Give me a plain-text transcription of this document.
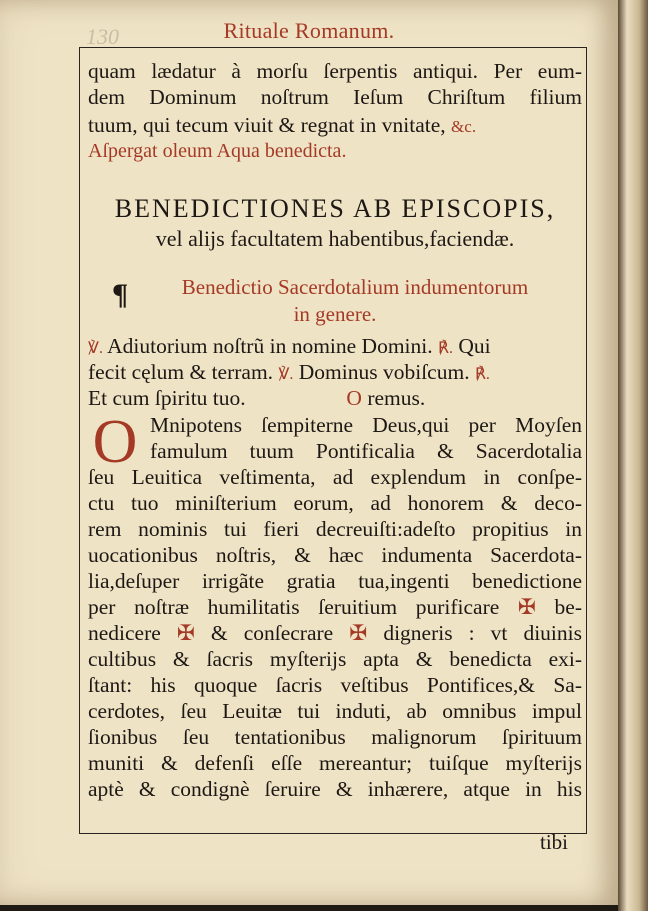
130	Rituale Romanum.
quam lædatur à morſu ſerpentis antiqui. Per eum-
dem Dominum noſtrum Ieſum Chriſtum filium
tuum, qui tecum viuit & regnat in vnitate, &c.
Aſpergat oleum Aqua benedicta.
BENEDICTIONES AB EPISCOPIS,
vel alijs facultatem habentibus,faciendæ.
¶	Benedictio Sacerdotalium indumentorum
in genere.
℣. Adiutorium noſtrũ in nomine Domini. ℟. Qui
fecit cęlum & terram. ℣. Dominus vobiſcum. ℟.
Et cum ſpiritu tuo.	O remus.
O Mnipotens ſempiterne Deus,qui per Moyſen
famulum tuum Pontificalia & Sacerdotalia
ſeu Leuitica veſtimenta, ad explendum in conſpe-
ctu tuo miniſterium eorum, ad honorem & deco-
rem nominis tui fieri decreuiſti:adeſto propitius in
uocationibus noſtris, & hæc indumenta Sacerdota-
lia,deſuper irrigãte gratia tua,ingenti benedictione
per noſtræ humilitatis ſeruitium purificare ✠ be-
nedicere ✠ & conſecrare ✠ digneris : vt diuinis
cultibus & ſacris myſterijs apta & benedicta exi-
ſtant: his quoque ſacris veſtibus Pontifices,& Sa-
cerdotes, ſeu Leuitæ tui induti, ab omnibus impul
ſionibus ſeu tentationibus malignorum ſpirituum
muniti & defenſi eſſe mereantur; tuiſque myſterijs
aptè & condignè ſeruire & inhærere, atque in his
tibi
